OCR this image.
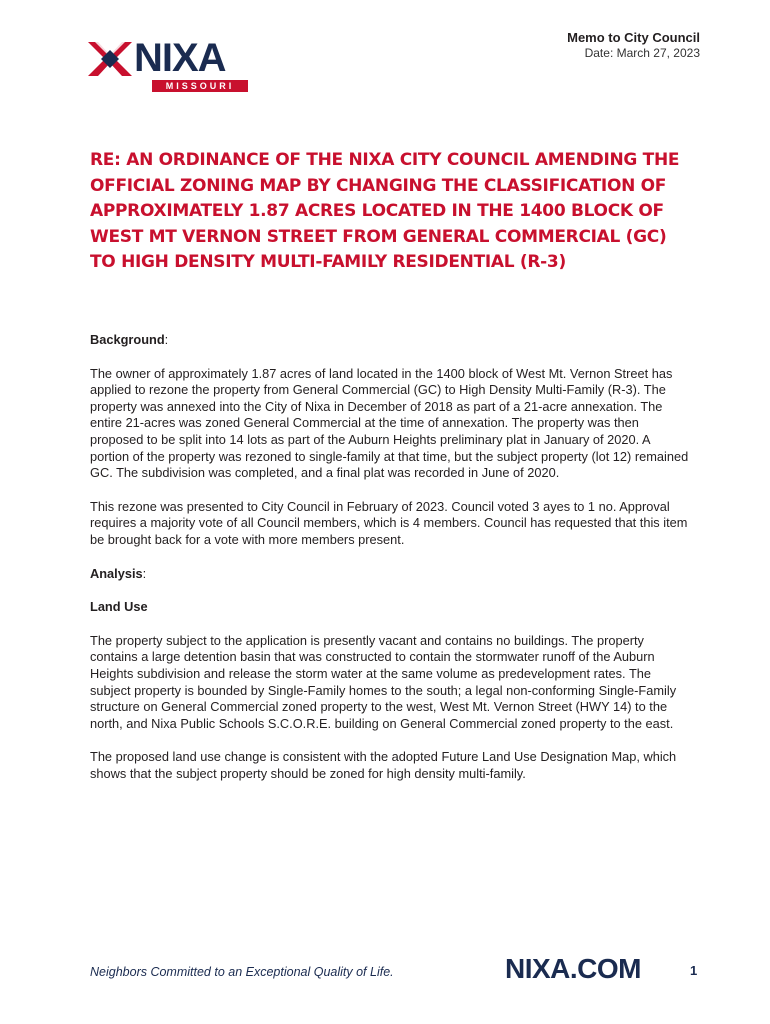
NIXA
MISSOURI
Memo to City Council
Date: March 27, 2023
RE: AN ORDINANCE OF THE NIXA CITY COUNCIL AMENDING THE OFFICIAL ZONING MAP BY CHANGING THE CLASSIFICATION OF APPROXIMATELY 1.87 ACRES LOCATED IN THE 1400 BLOCK OF WEST MT VERNON STREET FROM GENERAL COMMERCIAL (GC) TO HIGH DENSITY MULTI-FAMILY RESIDENTIAL (R-3)
Background:

The owner of approximately 1.87 acres of land located in the 1400 block of West Mt. Vernon Street has applied to rezone the property from General Commercial (GC) to High Density Multi-Family (R-3). The property was annexed into the City of Nixa in December of 2018 as part of a 21-acre annexation. The entire 21-acres was zoned General Commercial at the time of annexation. The property was then proposed to be split into 14 lots as part of the Auburn Heights preliminary plat in January of 2020. A portion of the property was rezoned to single-family at that time, but the subject property (lot 12) remained GC. The subdivision was completed, and a final plat was recorded in June of 2020.

This rezone was presented to City Council in February of 2023. Council voted 3 ayes to 1 no. Approval requires a majority vote of all Council members, which is 4 members. Council has requested that this item be brought back for a vote with more members present.

Analysis:
Land Use

The property subject to the application is presently vacant and contains no buildings. The property contains a large detention basin that was constructed to contain the stormwater runoff of the Auburn Heights subdivision and release the storm water at the same volume as predevelopment rates. The subject property is bounded by Single-Family homes to the south; a legal non-conforming Single-Family structure on General Commercial zoned property to the west, West Mt. Vernon Street (HWY 14) to the north, and Nixa Public Schools S.C.O.R.E. building on General Commercial zoned property to the east.

The proposed land use change is consistent with the adopted Future Land Use Designation Map, which shows that the subject property should be zoned for high density multi-family.

Neighbors Committed to an Exceptional Quality of Life.	NIXA.COM	1
